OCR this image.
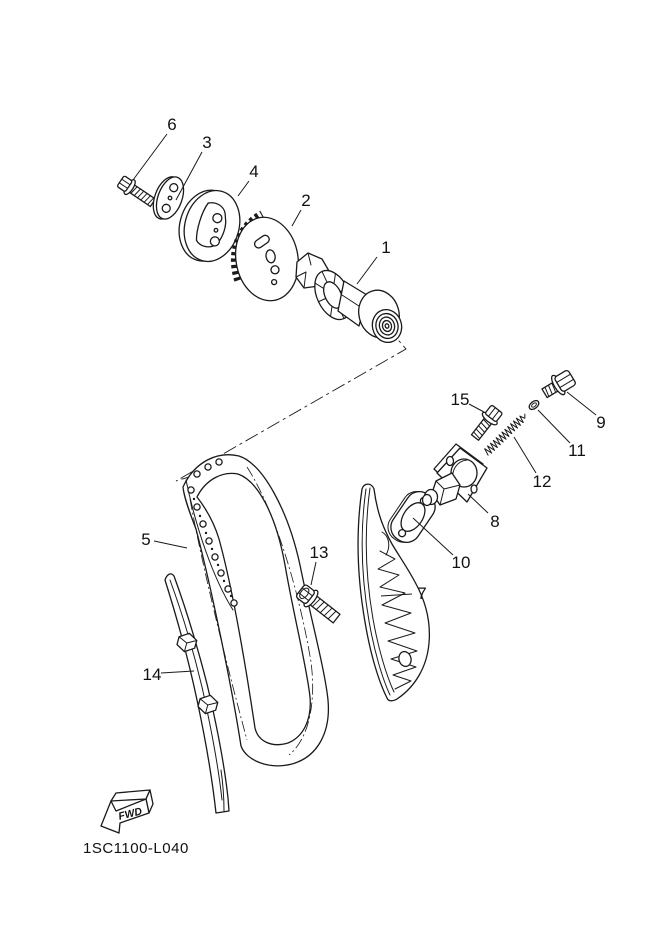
FWD
1
2
3
4
5
6
7
8
9
10
11
12
13
14
15
1SC1100-L040
